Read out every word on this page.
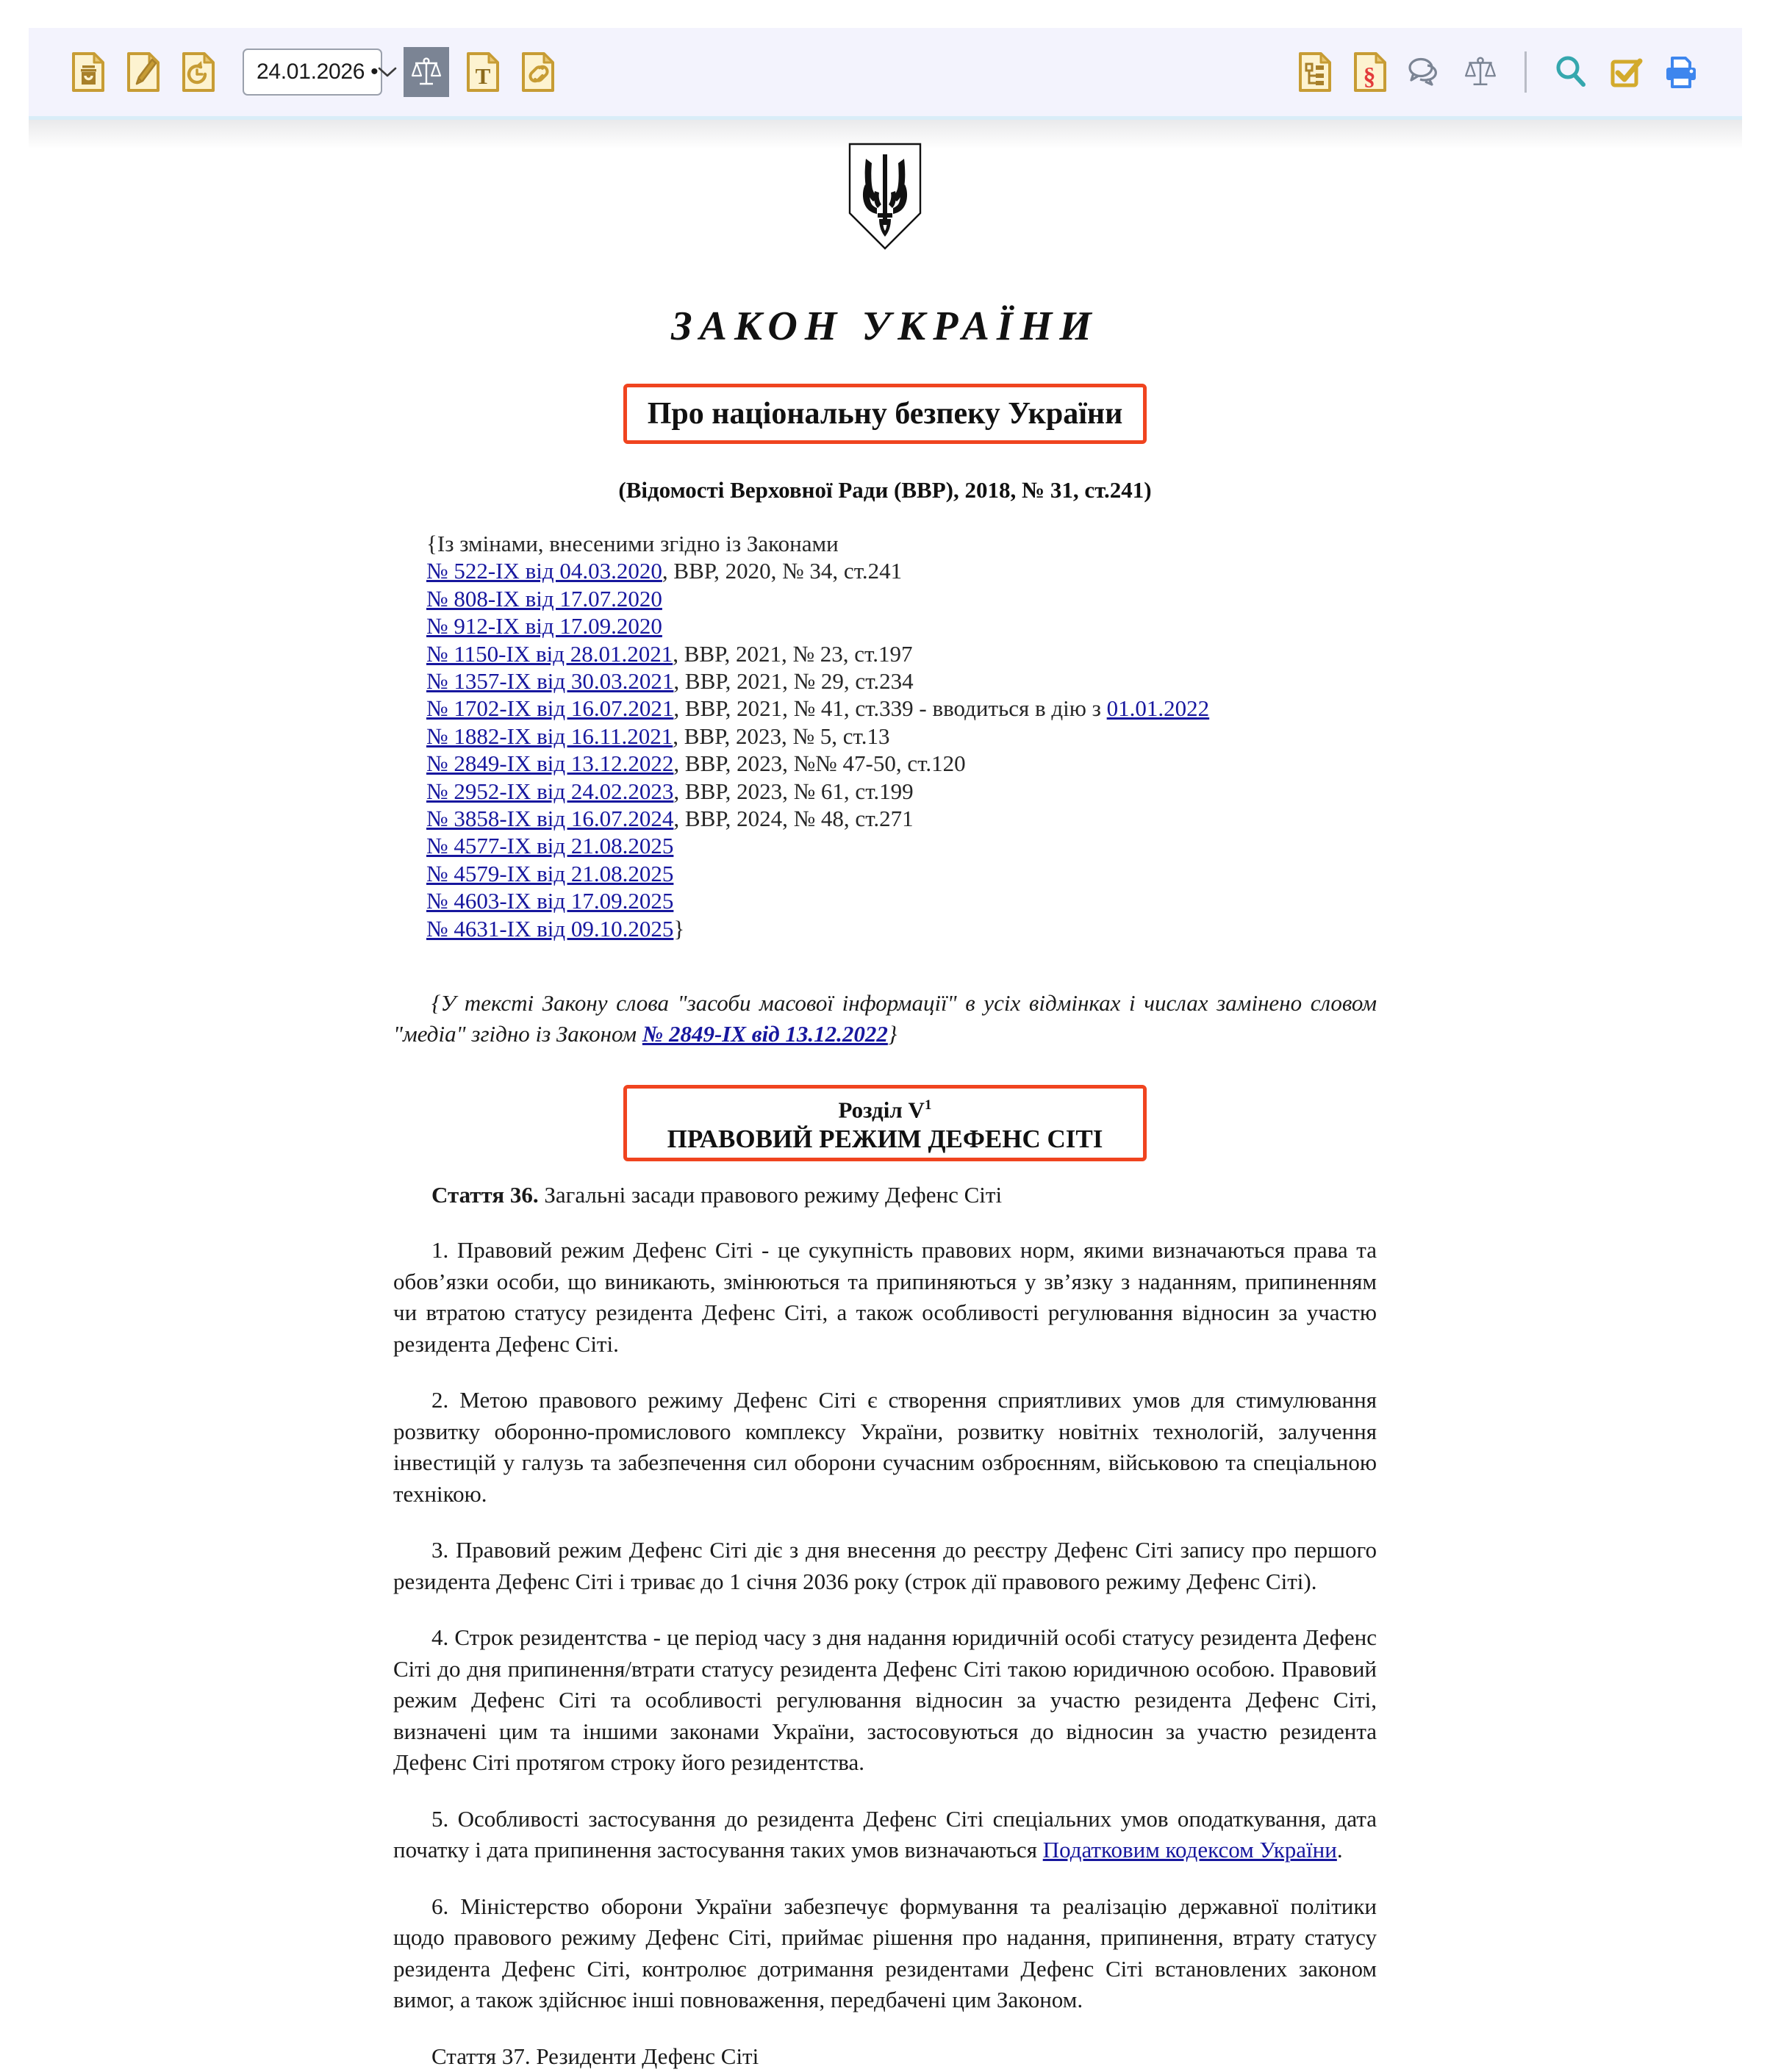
24.01.2026 •	T	§
ЗАКОН УКРАЇНИ
Про національну безпеку України
(Відомості Верховної Ради (ВВР), 2018, № 31, ст.241)
{Із змінами, внесеними згідно із Законами
№ 522-IX від 04.03.2020, ВВР, 2020, № 34, ст.241
№ 808-IX від 17.07.2020
№ 912-IX від 17.09.2020
№ 1150-IX від 28.01.2021, ВВР, 2021, № 23, ст.197
№ 1357-IX від 30.03.2021, ВВР, 2021, № 29, ст.234
№ 1702-IX від 16.07.2021, ВВР, 2021, № 41, ст.339 - вводиться в дію з 01.01.2022
№ 1882-IX від 16.11.2021, ВВР, 2023, № 5, ст.13
№ 2849-IX від 13.12.2022, ВВР, 2023, №№ 47-50, ст.120
№ 2952-IX від 24.02.2023, ВВР, 2023, № 61, ст.199
№ 3858-IX від 16.07.2024, ВВР, 2024, № 48, ст.271
№ 4577-IX від 21.08.2025
№ 4579-IX від 21.08.2025
№ 4603-IX від 17.09.2025
№ 4631-IX від 09.10.2025}
{У тексті Закону слова "засоби масової інформації" в усіх відмінках і числах замінено словом "медіа" згідно із Законом № 2849-IX від 13.12.2022}
Розділ $V^1$
ПРАВОВИЙ РЕЖИМ ДЕФЕНС СІТІ
Стаття 36. Загальні засади правового режиму Дефенс Сіті

1. Правовий режим Дефенс Сіті - це сукупність правових норм, якими визначаються права та обов’язки особи, що виникають, змінюються та припиняються у зв’язку з наданням, припиненням чи втратою статусу резидента Дефенс Сіті, а також особливості регулювання відносин за участю резидента Дефенс Сіті.

2. Метою правового режиму Дефенс Сіті є створення сприятливих умов для стимулювання розвитку оборонно-промислового комплексу України, розвитку новітніх технологій, залучення інвестицій у галузь та забезпечення сил оборони сучасним озброєнням, військовою та спеціальною технікою.

3. Правовий режим Дефенс Сіті діє з дня внесення до реєстру Дефенс Сіті запису про першого резидента Дефенс Сіті і триває до 1 січня 2036 року (строк дії правового режиму Дефенс Сіті).

4. Строк резидентства - це період часу з дня надання юридичній особі статусу резидента Дефенс Сіті до дня припинення/втрати статусу резидента Дефенс Сіті такою юридичною особою. Правовий режим Дефенс Сіті та особливості регулювання відносин за участю резидента Дефенс Сіті, визначені цим та іншими законами України, застосовуються до відносин за участю резидента Дефенс Сіті протягом строку його резидентства.

5. Особливості застосування до резидента Дефенс Сіті спеціальних умов оподаткування, дата початку і дата припинення застосування таких умов визначаються Податковим кодексом України.

6. Міністерство оборони України забезпечує формування та реалізацію державної політики щодо правового режиму Дефенс Сіті, приймає рішення про надання, припинення, втрату статусу резидента Дефенс Сіті, контролює дотримання резидентами Дефенс Сіті встановлених законом вимог, а також здійснює інші повноваження, передбачені цим Законом.

Стаття 37. Резиденти Дефенс Сіті
